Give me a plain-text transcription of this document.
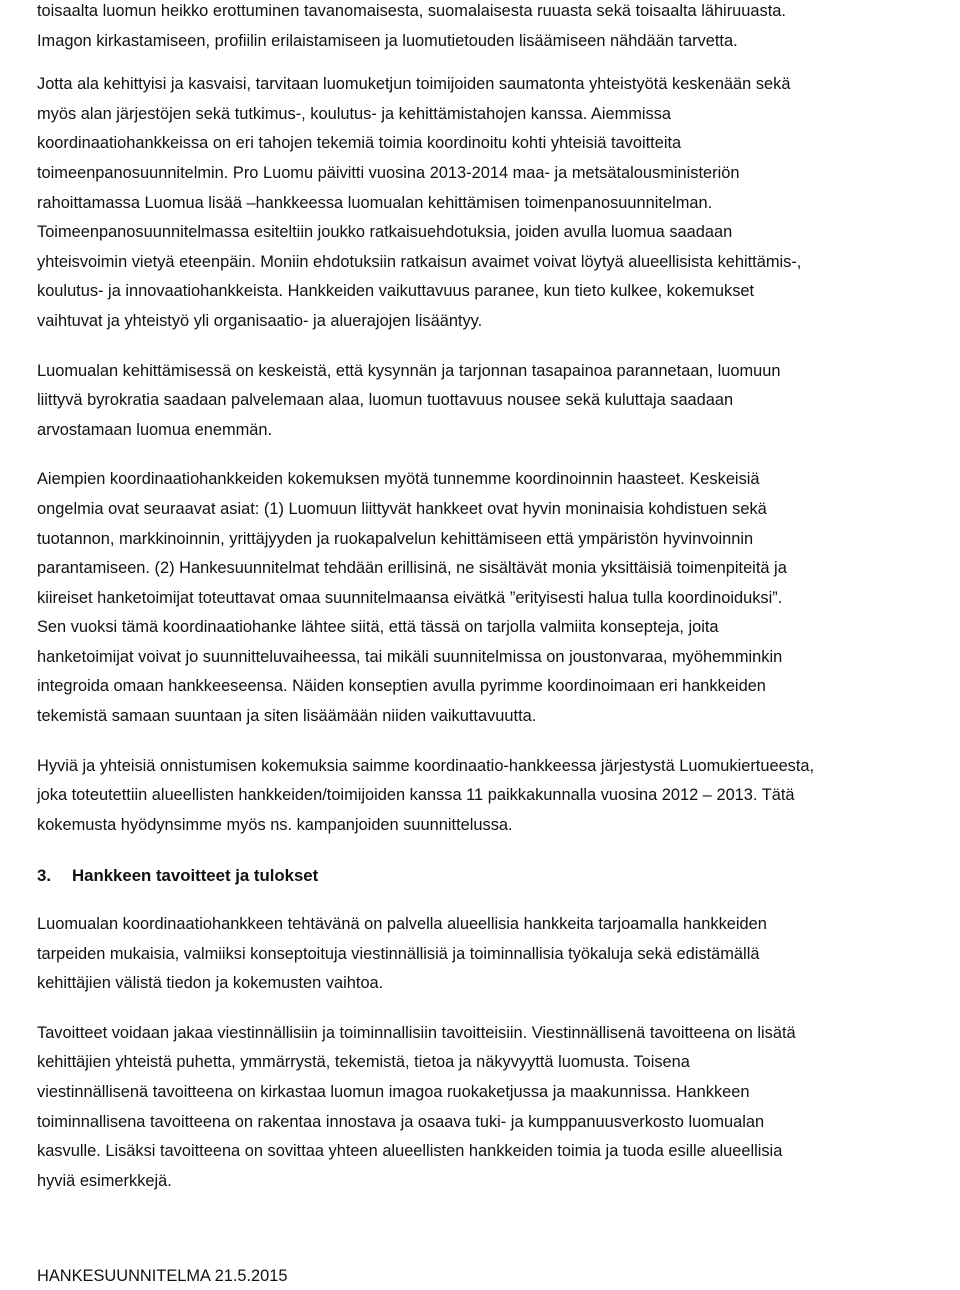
toisaalta luomun heikko erottuminen tavanomaisesta, suomalaisesta ruuasta sekä toisaalta lähiruuasta.
Imagon kirkastamiseen, profiilin erilaistamiseen ja luomutietouden lisäämiseen nähdään tarvetta.

Jotta ala kehittyisi ja kasvaisi, tarvitaan luomuketjun toimijoiden saumatonta yhteistyötä keskenään sekä
myös alan järjestöjen sekä tutkimus-, koulutus- ja kehittämistahojen kanssa. Aiemmissa
koordinaatiohankkeissa on eri tahojen tekemiä toimia koordinoitu kohti yhteisiä tavoitteita
toimeenpanosuunnitelmin. Pro Luomu päivitti vuosina 2013-2014 maa- ja metsätalousministeriön
rahoittamassa Luomua lisää –hankkeessa luomualan kehittämisen toimenpanosuunnitelman.
Toimeenpanosuunnitelmassa esiteltiin joukko ratkaisuehdotuksia, joiden avulla luomua saadaan
yhteisvoimin vietyä eteenpäin. Moniin ehdotuksiin ratkaisun avaimet voivat löytyä alueellisista kehittämis-,
koulutus- ja innovaatiohankkeista. Hankkeiden vaikuttavuus paranee, kun tieto kulkee, kokemukset
vaihtuvat ja yhteistyö yli organisaatio- ja aluerajojen lisääntyy.

Luomualan kehittämisessä on keskeistä, että kysynnän ja tarjonnan tasapainoa parannetaan, luomuun
liittyvä byrokratia saadaan palvelemaan alaa, luomun tuottavuus nousee sekä kuluttaja saadaan
arvostamaan luomua enemmän.

Aiempien koordinaatiohankkeiden kokemuksen myötä tunnemme koordinoinnin haasteet. Keskeisiä
ongelmia ovat seuraavat asiat: (1) Luomuun liittyvät hankkeet ovat hyvin moninaisia kohdistuen sekä
tuotannon, markkinoinnin, yrittäjyyden ja ruokapalvelun kehittämiseen että ympäristön hyvinvoinnin
parantamiseen. (2) Hankesuunnitelmat tehdään erillisinä, ne sisältävät monia yksittäisiä toimenpiteitä ja
kiireiset hanketoimijat toteuttavat omaa suunnitelmaansa eivätkä ”erityisesti halua tulla koordinoiduksi”.
Sen vuoksi tämä koordinaatiohanke lähtee siitä, että tässä on tarjolla valmiita konsepteja, joita
hanketoimijat voivat jo suunnitteluvaiheessa, tai mikäli suunnitelmissa on joustonvaraa, myöhemminkin
integroida omaan hankkeeseensa. Näiden konseptien avulla pyrimme koordinoimaan eri hankkeiden
tekemistä samaan suuntaan ja siten lisäämään niiden vaikuttavuutta.

Hyviä ja yhteisiä onnistumisen kokemuksia saimme koordinaatio-hankkeessa järjestystä Luomukiertueesta,
joka toteutettiin alueellisten hankkeiden/toimijoiden kanssa 11 paikkakunnalla vuosina 2012 – 2013. Tätä
kokemusta hyödynsimme myös ns. kampanjoiden suunnittelussa.

3. Hankkeen tavoitteet ja tulokset

Luomualan koordinaatiohankkeen tehtävänä on palvella alueellisia hankkeita tarjoamalla hankkeiden
tarpeiden mukaisia, valmiiksi konseptoituja viestinnällisiä ja toiminnallisia työkaluja sekä edistämällä
kehittäjien välistä tiedon ja kokemusten vaihtoa.

Tavoitteet voidaan jakaa viestinnällisiin ja toiminnallisiin tavoitteisiin. Viestinnällisenä tavoitteena on lisätä
kehittäjien yhteistä puhetta, ymmärrystä, tekemistä, tietoa ja näkyvyyttä luomusta. Toisena
viestinnällisenä tavoitteena on kirkastaa luomun imagoa ruokaketjussa ja maakunnissa. Hankkeen
toiminnallisena tavoitteena on rakentaa innostava ja osaava tuki- ja kumppanuusverkosto luomualan
kasvulle. Lisäksi tavoitteena on sovittaa yhteen alueellisten hankkeiden toimia ja tuoda esille alueellisia
hyviä esimerkkejä.

HANKESUUNNITELMA 21.5.2015
